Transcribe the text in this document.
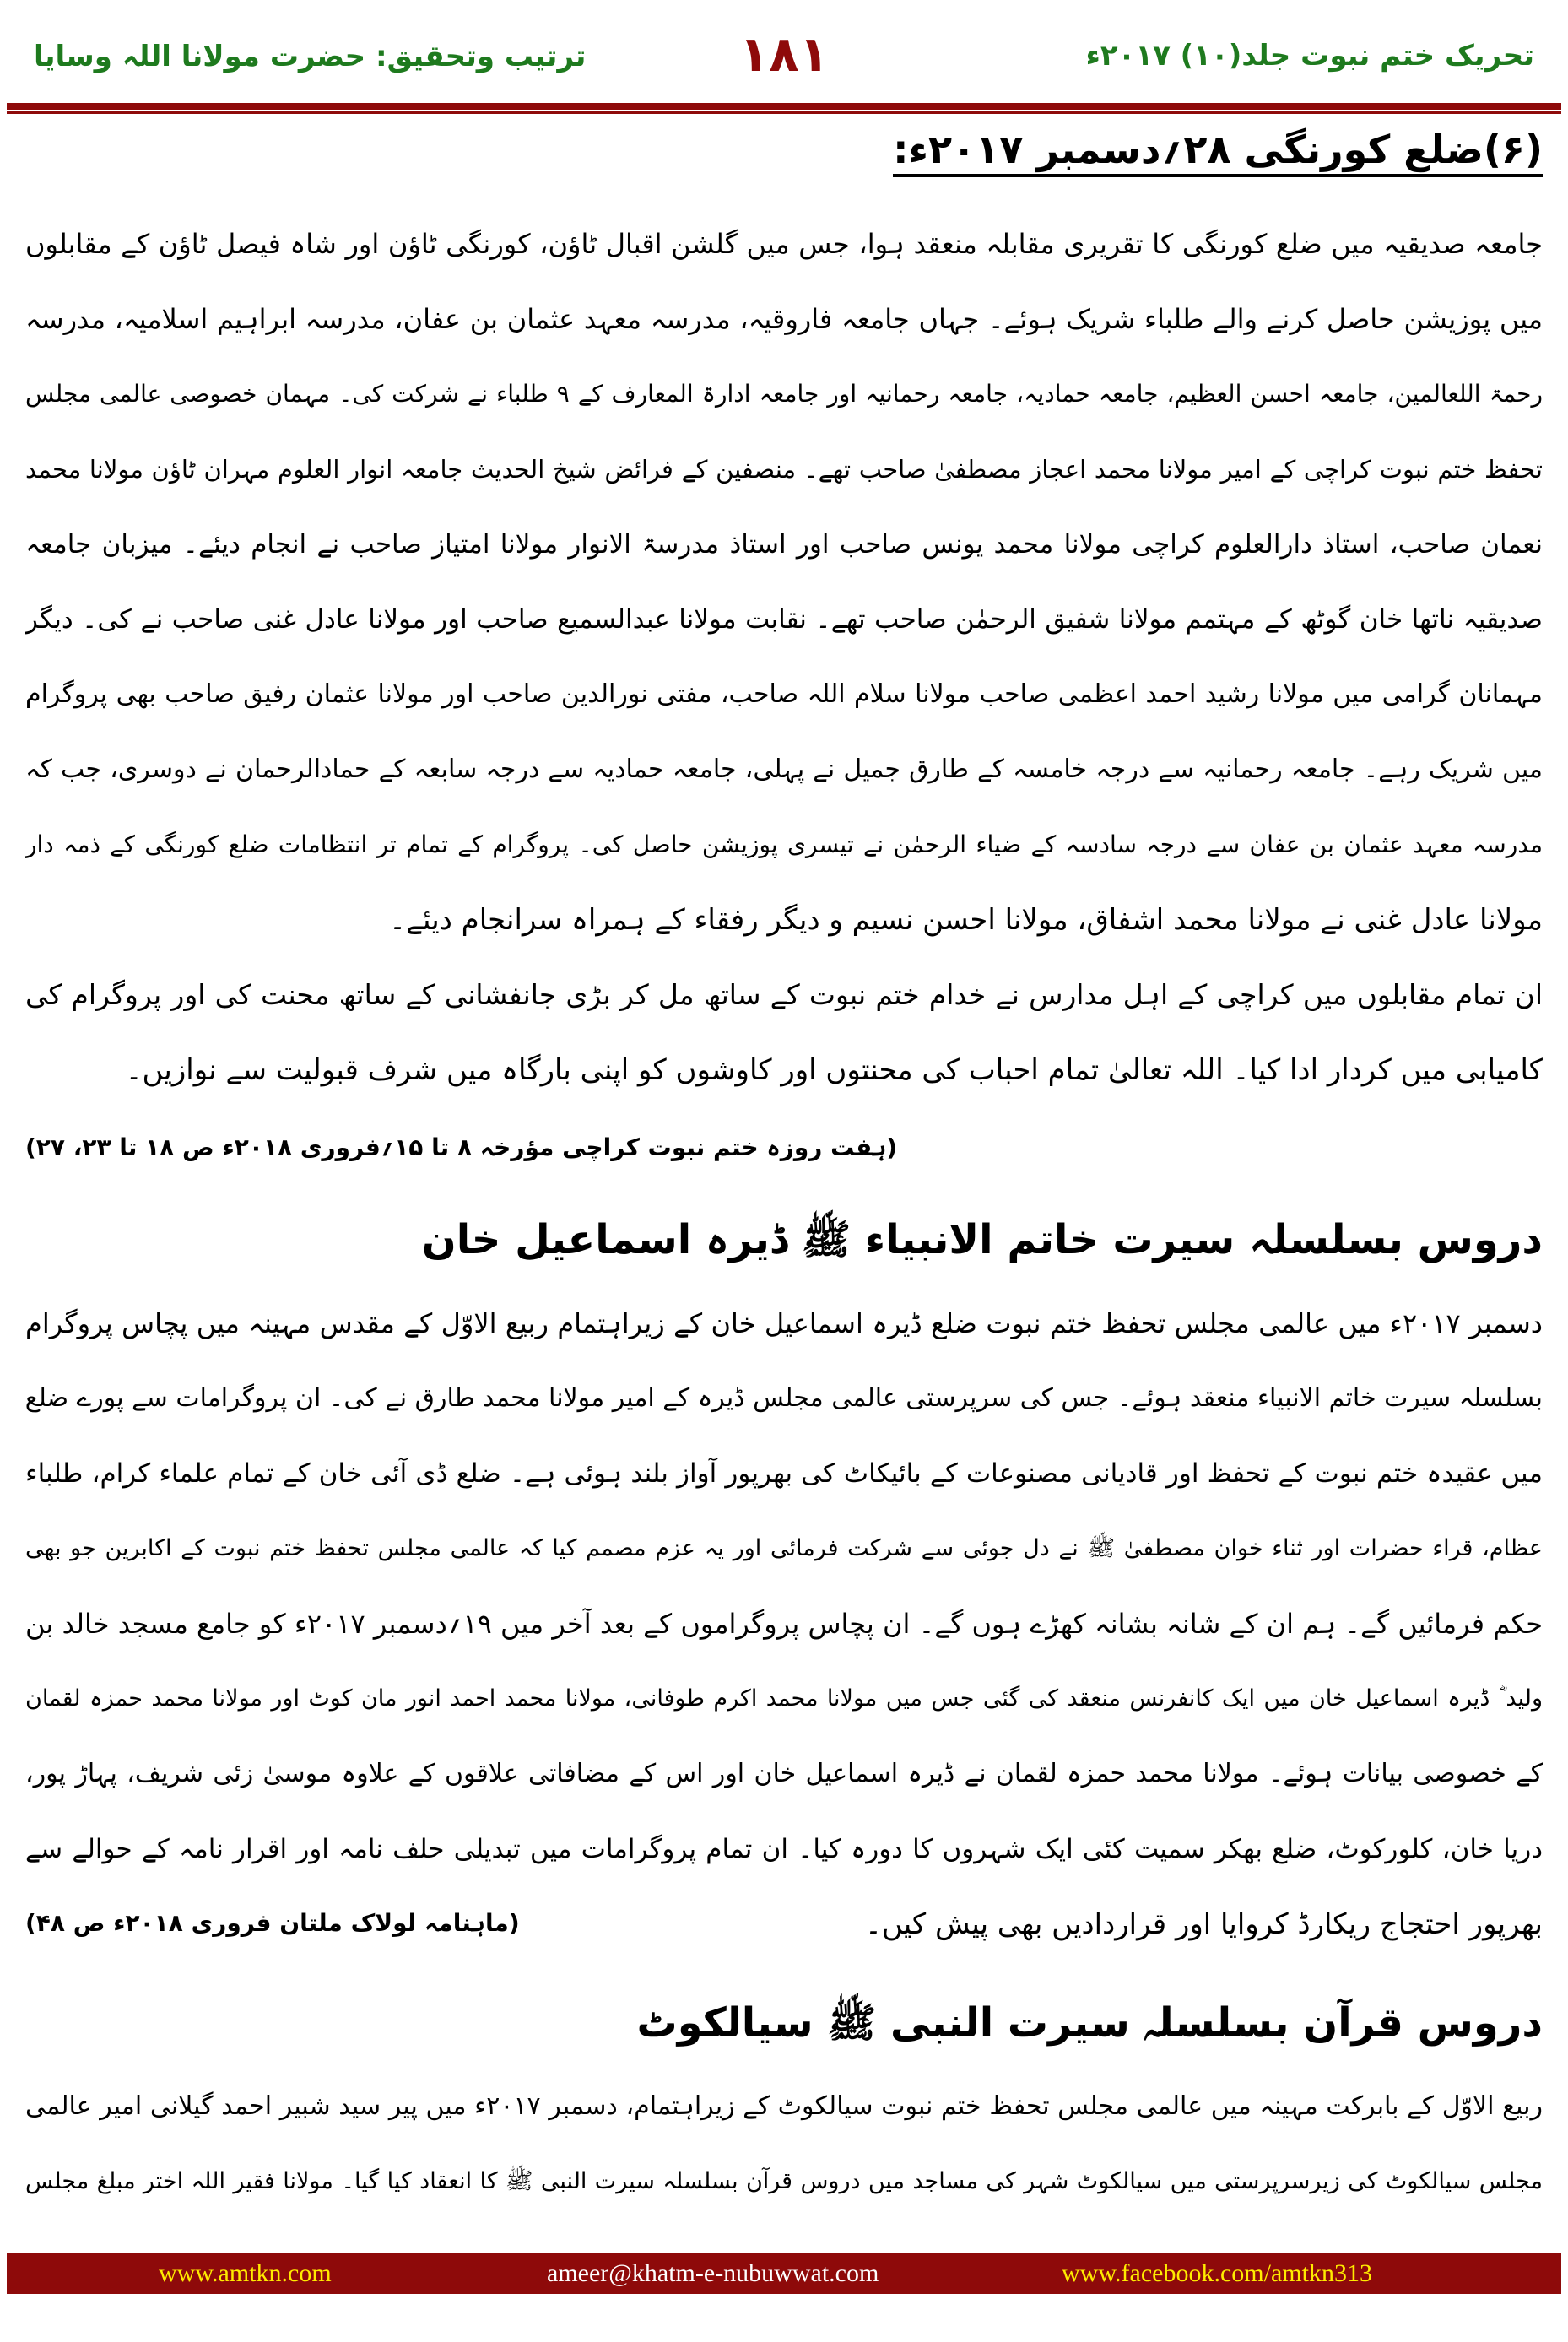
تحریک ختم نبوت جلد(۱۰) ۲۰۱۷ء
۱۸۱
ترتیب وتحقیق: حضرت مولانا اللہ وسایا
(۶)ضلع کورنگی ۲۸؍دسمبر ۲۰۱۷ء:
دروس بسلسلہ سیرت خاتم الانبیاء ﷺ ڈیرہ اسماعیل خان
دروس قرآن بسلسلہ سیرت النبی ﷺ سیالکوٹ
جامعہ صدیقیہ میں ضلع کورنگی کا تقریری مقابلہ منعقد ہوا، جس میں گلشن اقبال ٹاؤن، کورنگی ٹاؤن اور شاہ فیصل ٹاؤن کے مقابلوں
میں پوزیشن حاصل کرنے والے طلباء شریک ہوئے۔ جہاں جامعہ فاروقیہ، مدرسہ معہد عثمان بن عفان، مدرسہ ابراہیم اسلامیہ، مدرسہ
رحمۃ اللعالمین، جامعہ احسن العظیم، جامعہ حمادیہ، جامعہ رحمانیہ اور جامعہ ادارۃ المعارف کے ۹ طلباء نے شرکت کی۔ مہمان خصوصی عالمی مجلس
تحفظ ختم نبوت کراچی کے امیر مولانا محمد اعجاز مصطفیٰ صاحب تھے۔ منصفین کے فرائض شیخ الحدیث جامعہ انوار العلوم مہران ٹاؤن مولانا محمد
نعمان صاحب، استاذ دارالعلوم کراچی مولانا محمد یونس صاحب اور استاذ مدرسۃ الانوار مولانا امتیاز صاحب نے انجام دیئے۔ میزبان جامعہ
صدیقیہ ناتھا خان گوٹھ کے مہتمم مولانا شفیق الرحمٰن صاحب تھے۔ نقابت مولانا عبدالسمیع صاحب اور مولانا عادل غنی صاحب نے کی۔ دیگر
مہمانان گرامی میں مولانا رشید احمد اعظمی صاحب مولانا سلام اللہ صاحب، مفتی نورالدین صاحب اور مولانا عثمان رفیق صاحب بھی پروگرام
میں شریک رہے۔ جامعہ رحمانیہ سے درجہ خامسہ کے طارق جمیل نے پہلی، جامعہ حمادیہ سے درجہ سابعہ کے حمادالرحمان نے دوسری، جب کہ
مدرسہ معہد عثمان بن عفان سے درجہ سادسہ کے ضیاء الرحمٰن نے تیسری پوزیشن حاصل کی۔ پروگرام کے تمام تر انتظامات ضلع کورنگی کے ذمہ دار
مولانا عادل غنی نے مولانا محمد اشفاق، مولانا احسن نسیم و دیگر رفقاء کے ہمراہ سرانجام دیئے۔
ان تمام مقابلوں میں کراچی کے اہل مدارس نے خدام ختم نبوت کے ساتھ مل کر بڑی جانفشانی کے ساتھ محنت کی اور پروگرام کی
کامیابی میں کردار ادا کیا۔ اللہ تعالیٰ تمام احباب کی محنتوں اور کاوشوں کو اپنی بارگاہ میں شرف قبولیت سے نوازیں۔
دسمبر ۲۰۱۷ء میں عالمی مجلس تحفظ ختم نبوت ضلع ڈیرہ اسماعیل خان کے زیراہتمام ربیع الاوّل کے مقدس مہینہ میں پچاس پروگرام
بسلسلہ سیرت خاتم الانبیاء منعقد ہوئے۔ جس کی سرپرستی عالمی مجلس ڈیرہ کے امیر مولانا محمد طارق نے کی۔ ان پروگرامات سے پورے ضلع
میں عقیدہ ختم نبوت کے تحفظ اور قادیانی مصنوعات کے بائیکاٹ کی بھرپور آواز بلند ہوئی ہے۔ ضلع ڈی آئی خان کے تمام علماء کرام، طلباء
عظام، قراء حضرات اور ثناء خوان مصطفیٰ ﷺ نے دل جوئی سے شرکت فرمائی اور یہ عزم مصمم کیا کہ عالمی مجلس تحفظ ختم نبوت کے اکابرین جو بھی
حکم فرمائیں گے۔ ہم ان کے شانہ بشانہ کھڑے ہوں گے۔ ان پچاس پروگراموں کے بعد آخر میں ۱۹؍دسمبر ۲۰۱۷ء کو جامع مسجد خالد بن
ولید ؓ ڈیرہ اسماعیل خان میں ایک کانفرنس منعقد کی گئی جس میں مولانا محمد اکرم طوفانی، مولانا محمد احمد انور مان کوٹ اور مولانا محمد حمزہ لقمان
کے خصوصی بیانات ہوئے۔ مولانا محمد حمزہ لقمان نے ڈیرہ اسماعیل خان اور اس کے مضافاتی علاقوں کے علاوہ موسیٰ زئی شریف، پہاڑ پور،
دریا خان، کلورکوٹ، ضلع بھکر سمیت کئی ایک شہروں کا دورہ کیا۔ ان تمام پروگرامات میں تبدیلی حلف نامہ اور اقرار نامہ کے حوالے سے
بھرپور احتجاج ریکارڈ کروایا اور قراردادیں بھی پیش کیں۔
ربیع الاوّل کے بابرکت مہینہ میں عالمی مجلس تحفظ ختم نبوت سیالکوٹ کے زیراہتمام، دسمبر ۲۰۱۷ء میں پیر سید شبیر احمد گیلانی امیر عالمی
مجلس سیالکوٹ کی زیرسرپرستی میں سیالکوٹ شہر کی مساجد میں دروس قرآن بسلسلہ سیرت النبی ﷺ کا انعقاد کیا گیا۔ مولانا فقیر اللہ اختر مبلغ مجلس
(ہفت روزہ ختم نبوت کراچی مؤرخہ ۸ تا ۱۵؍فروری ۲۰۱۸ء ص ۱۸ تا ۲۳، ۲۷)
(ماہنامہ لولاک ملتان فروری ۲۰۱۸ء ص ۴۸)
www.amtkn.com	ameer@khatm-e-nubuwwat.com	www.facebook.com/amtkn313
